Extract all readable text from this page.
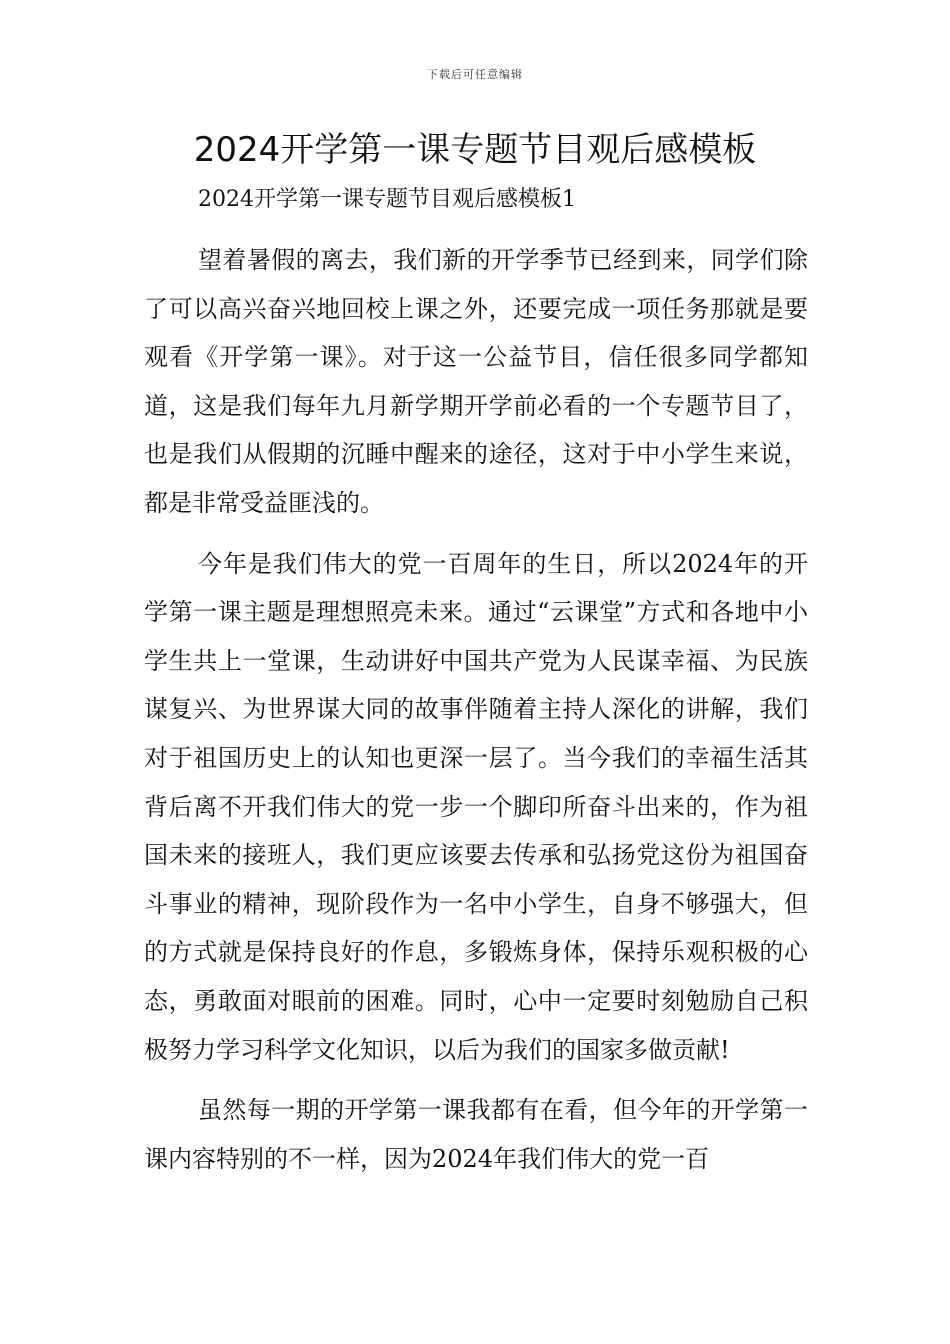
下载后可任意编辑
2024开学第一课专题节目观后感模板

2024开学第一课专题节目观后感模板1

望着暑假的离去，我们新的开学季节已经到来，同学们除了可以高兴奋兴地回校上课之外，还要完成一项任务那就是要观看《开学第一课》。对于这一公益节目，信任很多同学都知道，这是我们每年九月新学期开学前必看的一个专题节目了，也是我们从假期的沉睡中醒来的途径，这对于中小学生来说，都是非常受益匪浅的。

今年是我们伟大的党一百周年的生日，所以2024年的开学第一课主题是理想照亮未来。通过“云课堂”方式和各地中小学生共上一堂课，生动讲好中国共产党为人民谋幸福、为民族谋复兴、为世界谋大同的故事伴随着主持人深化的讲解，我们对于祖国历史上的认知也更深一层了。当今我们的幸福生活其背后离不开我们伟大的党一步一个脚印所奋斗出来的，作为祖国未来的接班人，我们更应该要去传承和弘扬党这份为祖国奋斗事业的精神，现阶段作为一名中小学生，自身不够强大，但的方式就是保持良好的作息，多锻炼身体，保持乐观积极的心态，勇敢面对眼前的困难。同时，心中一定要时刻勉励自己积极努力学习科学文化知识，以后为我们的国家多做贡献!

虽然每一期的开学第一课我都有在看，但今年的开学第一课内容特别的不一样，因为2024年我们伟大的党一百
